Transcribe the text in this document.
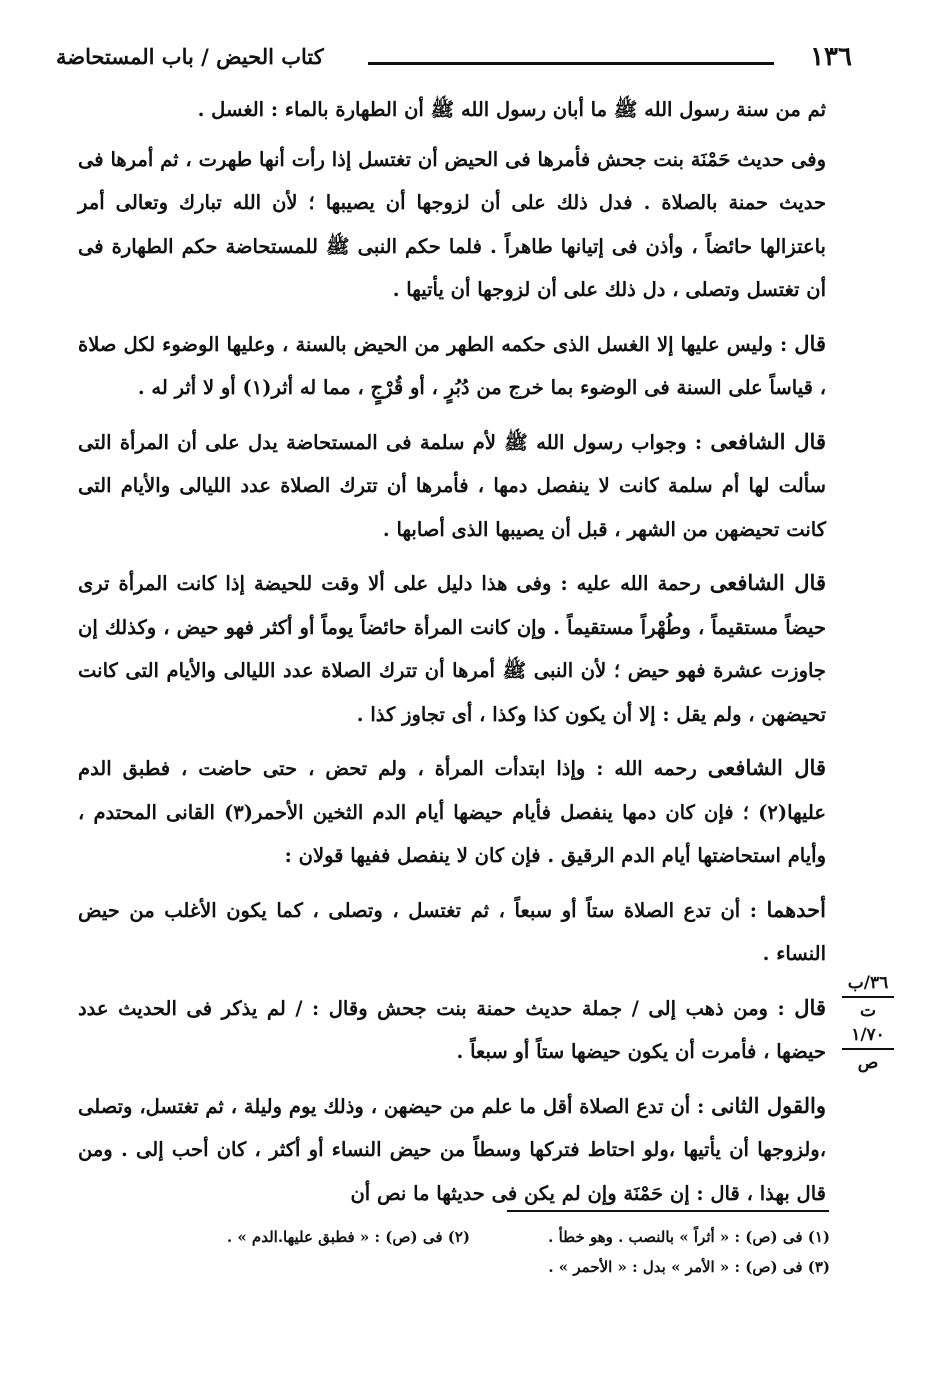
١٣٦
كتاب الحيض / باب المستحاضة

ثم من سنة رسول الله ﷺ ما أبان رسول الله ﷺ أن الطهارة بالماء : الغسل .

وفى حديث حَمْنَة بنت جحش فأمرها فى الحيض أن تغتسل إذا رأت أنها طهرت ، ثم أمرها فى حديث حمنة بالصلاة . فدل ذلك على أن لزوجها أن يصيبها ؛ لأن الله تبارك وتعالى أمر باعتزالها حائضاً ، وأذن فى إتيانها طاهراً . فلما حكم النبى ﷺ للمستحاضة حكم الطهارة فى أن تغتسل وتصلى ، دل ذلك على أن لزوجها أن يأتيها .

قال : وليس عليها إلا الغسل الذى حكمه الطهر من الحيض بالسنة ، وعليها الوضوء لكل صلاة ، قياساً على السنة فى الوضوء بما خرج من دُبُرٍ ، أو قُرْجٍ ، مما له أثر(١) أو لا أثر له .

قال الشافعى : وجواب رسول الله ﷺ لأم سلمة فى المستحاضة يدل على أن المرأة التى سألت لها أم سلمة كانت لا ينفصل دمها ، فأمرها أن تترك الصلاة عدد الليالى والأيام التى كانت تحيضهن من الشهر ، قبل أن يصيبها الذى أصابها .

قال الشافعى رحمة الله عليه : وفى هذا دليل على ألا وقت للحيضة إذا كانت المرأة ترى حيضاً مستقيماً ، وطُهْراً مستقيماً . وإن كانت المرأة حائضاً يوماً أو أكثر فهو حيض ، وكذلك إن جاوزت عشرة فهو حيض ؛ لأن النبى ﷺ أمرها أن تترك الصلاة عدد الليالى والأيام التى كانت تحيضهن ، ولم يقل : إلا أن يكون كذا وكذا ، أى تجاوز كذا .

قال الشافعى رحمه الله : وإذا ابتدأت المرأة ، ولم تحض ، حتى حاضت ، فطبق الدم عليها(٢) ؛ فإن كان دمها ينفصل فأيام حيضها أيام الدم الثخين الأحمر(٣) القانى المحتدم ، وأيام استحاضتها أيام الدم الرقيق . فإن كان لا ينفصل ففيها قولان :

أحدهما : أن تدع الصلاة ستاً أو سبعاً ، ثم تغتسل ، وتصلى ، كما يكون الأغلب من حيض النساء .

قال : ومن ذهب إلى / جملة حديث حمنة بنت جحش وقال : / لم يذكر فى الحديث عدد حيضها ، فأمرت أن يكون حيضها ستاً أو سبعاً .

والقول الثانى : أن تدع الصلاة أقل ما علم من حيضهن ، وذلك يوم وليلة ، ثم تغتسل، وتصلى ،ولزوجها أن يأتيها ،ولو احتاط فتركها وسطاً من حيض النساء أو أكثر ، كان أحب إلى . ومن قال بهذا ، قال : إن حَمْنَة وإن لم يكن فى حديثها ما نص أن

٣٦/ب
ت
١/٧٠
ص
(١) فى (ص) : « أثراً » بالنصب . وهو خطأ .
(٢) فى (ص) : « فطبق عليها.الدم » .
(٣) فى (ص) : « الأمر » بدل : « الأحمر » .
